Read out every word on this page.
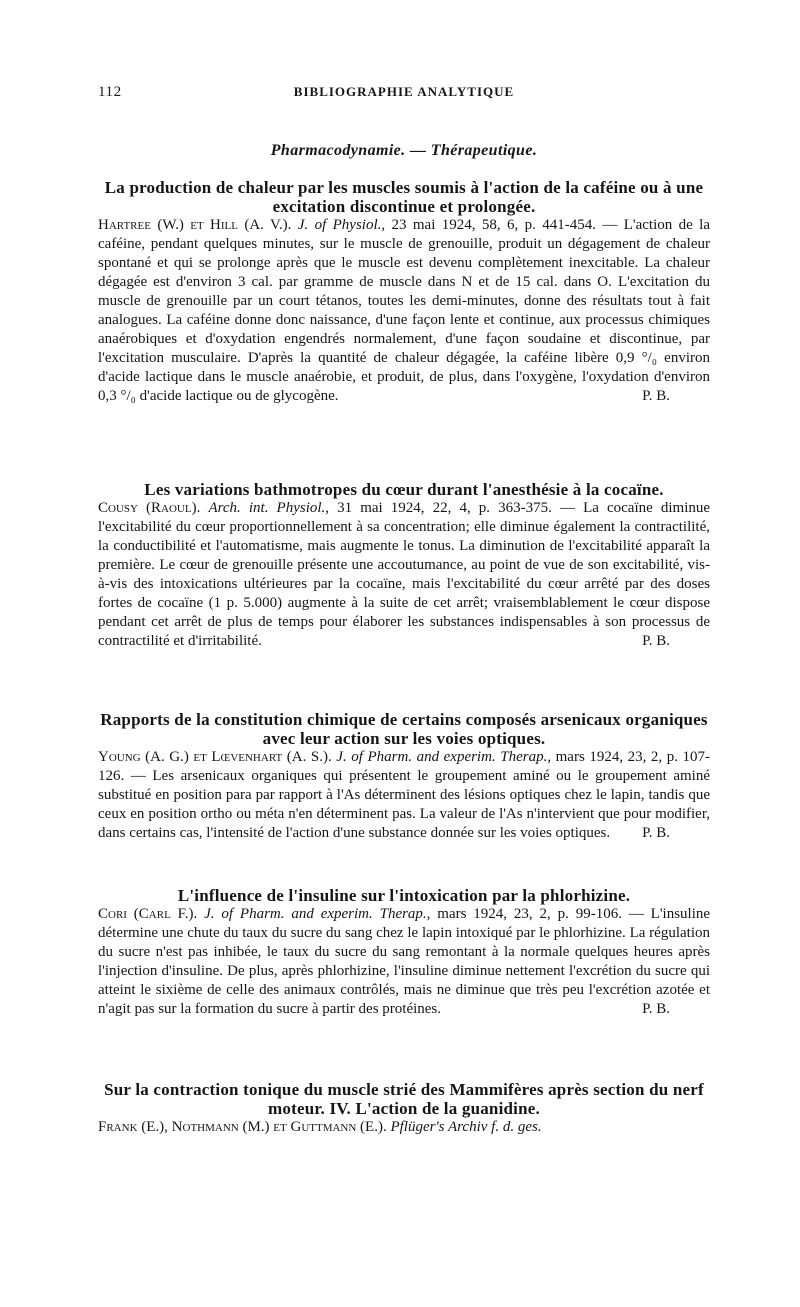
112	BIBLIOGRAPHIE ANALYTIQUE
Pharmacodynamie. — Thérapeutique.

La production de chaleur par les muscles soumis à l'action de la caféine ou à une excitation discontinue et prolongée.

Hartree (W.) et Hill (A. V.). J. of Physiol., 23 mai 1924, 58, 6, p. 441-454. — L'action de la caféine, pendant quelques minutes, sur le muscle de grenouille, produit un dégagement de chaleur spontané et qui se prolonge après que le muscle est devenu complètement inexcitable. La chaleur dégagée est d'environ 3 cal. par gramme de muscle dans N et de 15 cal. dans O. L'excitation du muscle de grenouille par un court tétanos, toutes les demi-minutes, donne des résultats tout à fait analogues. La caféine donne donc naissance, d'une façon lente et continue, aux processus chimiques anaérobiques et d'oxydation engendrés normalement, d'une façon soudaine et discontinue, par l'excitation musculaire. D'après la quantité de chaleur dégagée, la caféine libère 0,9 °/₀ environ d'acide lactique dans le muscle anaérobie, et produit, de plus, dans l'oxygène, l'oxydation d'environ 0,3 °/₀ d'acide lactique ou de glycogène.	P. B.

Les variations bathmotropes du cœur durant l'anesthésie à la cocaïne.

Cousy (Raoul). Arch. int. Physiol., 31 mai 1924, 22, 4, p. 363-375. — La cocaïne diminue l'excitabilité du cœur proportionnellement à sa concentration; elle diminue également la contractilité, la conductibilité et l'automatisme, mais augmente le tonus. La diminution de l'excitabilité apparaît la première. Le cœur de grenouille présente une accoutumance, au point de vue de son excitabilité, vis-à-vis des intoxications ultérieures par la cocaïne, mais l'excitabilité du cœur arrêté par des doses fortes de cocaïne (1 p. 5.000) augmente à la suite de cet arrêt; vraisemblablement le cœur dispose pendant cet arrêt de plus de temps pour élaborer les substances indispensables à son processus de contractilité et d'irritabilité.	P. B.

Rapports de la constitution chimique de certains composés arsenicaux organiques avec leur action sur les voies optiques.

Young (A. G.) et Lœvenhart (A. S.). J. of Pharm. and experim. Therap., mars 1924, 23, 2, p. 107-126. — Les arsenicaux organiques qui présentent le groupement aminé ou le groupement aminé substitué en position para par rapport à l'As déterminent des lésions optiques chez le lapin, tandis que ceux en position ortho ou méta n'en déterminent pas. La valeur de l'As n'intervient que pour modifier, dans certains cas, l'intensité de l'action d'une substance donnée sur les voies optiques. P. B.

L'influence de l'insuline sur l'intoxication par la phlorhizine.

Cori (Carl F.). J. of Pharm. and experim. Therap., mars 1924, 23, 2, p. 99-106. — L'insuline détermine une chute du taux du sucre du sang chez le lapin intoxiqué par le phlorhizine. La régulation du sucre n'est pas inhibée, le taux du sucre du sang remontant à la normale quelques heures après l'injection d'insuline. De plus, après phlorhizine, l'insuline diminue nettement l'excrétion du sucre qui atteint le sixième de celle des animaux contrôlés, mais ne diminue que très peu l'excrétion azotée et n'agit pas sur la formation du sucre à partir des protéines.	P. B.

Sur la contraction tonique du muscle strié des Mammifères après section du nerf moteur. IV. L'action de la guanidine.

Frank (E.), Nothmann (M.) et Guttmann (E.). Pflüger's Archiv f. d. ges.
